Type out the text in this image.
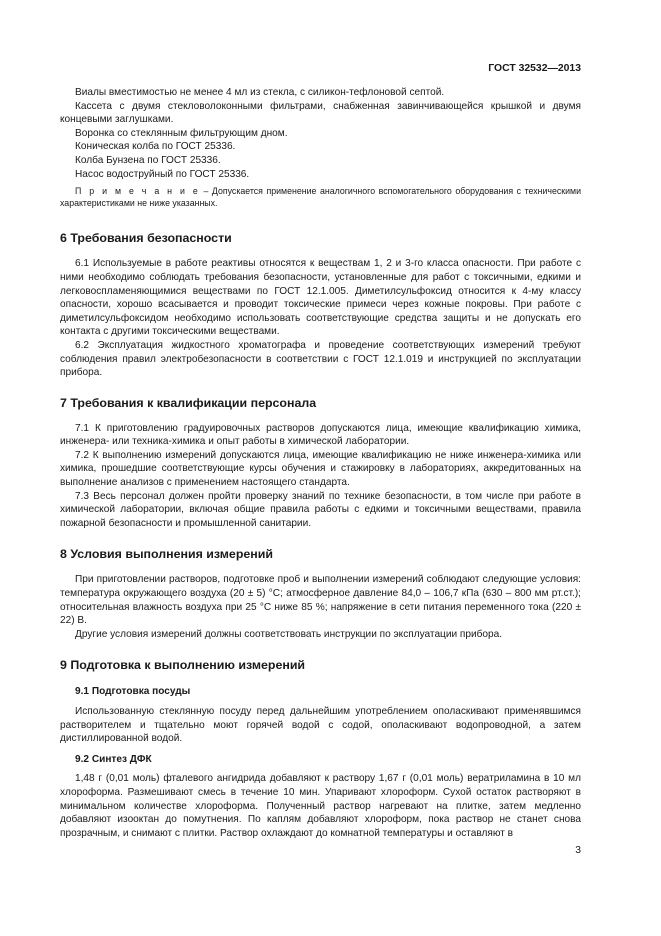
ГОСТ 32532—2013

Виалы вместимостью не менее 4 мл из стекла, с силикон-тефлоновой септой.

Кассета с двумя стекловолоконными фильтрами, снабженная завинчивающейся крышкой и двумя концевыми заглушками.

Воронка со стеклянным фильтрующим дном.

Коническая колба по ГОСТ 25336.

Колба Бунзена по ГОСТ 25336.

Насос водоструйный по ГОСТ 25336.

П р и м е ч а н и е – Допускается применение аналогичного вспомогательного оборудования с техническими характеристиками не ниже указанных.

6 Требования безопасности

6.1 Используемые в работе реактивы относятся к веществам 1, 2 и 3-го класса опасности. При работе с ними необходимо соблюдать требования безопасности, установленные для работ с токсичными, едкими и легковоспламеняющимися веществами по ГОСТ 12.1.005. Диметилсульфоксид относится к 4-му классу опасности, хорошо всасывается и проводит токсические примеси через кожные покровы. При работе с диметилсульфоксидом необходимо использовать соответствующие средства защиты и не допускать его контакта с другими токсическими веществами.

6.2 Эксплуатация жидкостного хроматографа и проведение соответствующих измерений требуют соблюдения правил электробезопасности в соответствии с ГОСТ 12.1.019 и инструкцией по эксплуатации прибора.

7 Требования к квалификации персонала

7.1 К приготовлению градуировочных растворов допускаются лица, имеющие квалификацию химика, инженера- или техника-химика и опыт работы в химической лаборатории.

7.2 К выполнению измерений допускаются лица, имеющие квалификацию не ниже инженера-химика или химика, прошедшие соответствующие курсы обучения и стажировку в лабораториях, аккредитованных на выполнение анализов с применением настоящего стандарта.

7.3 Весь персонал должен пройти проверку знаний по технике безопасности, в том числе при работе в химической лаборатории, включая общие правила работы с едкими и токсичными веществами, правила пожарной безопасности и промышленной санитарии.

8 Условия выполнения измерений

При приготовлении растворов, подготовке проб и выполнении измерений соблюдают следующие условия: температура окружающего воздуха (20 ± 5) °С; атмосферное давление 84,0 – 106,7 кПа (630 – 800 мм рт.ст.); относительная влажность воздуха при 25 °С ниже 85 %; напряжение в сети питания переменного тока (220 ± 22) В.

Другие условия измерений должны соответствовать инструкции по эксплуатации прибора.

9 Подготовка к выполнению измерений
9.1 Подготовка посуды

Использованную стеклянную посуду перед дальнейшим употреблением ополаскивают применявшимся растворителем и тщательно моют горячей водой с содой, ополаскивают водопроводной, а затем дистиллированной водой.

9.2 Синтез ДФК

1,48 г (0,01 моль) фталевого ангидрида добавляют к раствору 1,67 г (0,01 моль) вератриламина в 10 мл хлороформа. Размешивают смесь в течение 10 мин. Упаривают хлороформ. Сухой остаток растворяют в минимальном количестве хлороформа. Полученный раствор нагревают на плитке, затем медленно добавляют изооктан до помутнения. По каплям добавляют хлороформ, пока раствор не станет снова прозрачным, и снимают с плитки. Раствор охлаждают до комнатной температуры и оставляют в

3
